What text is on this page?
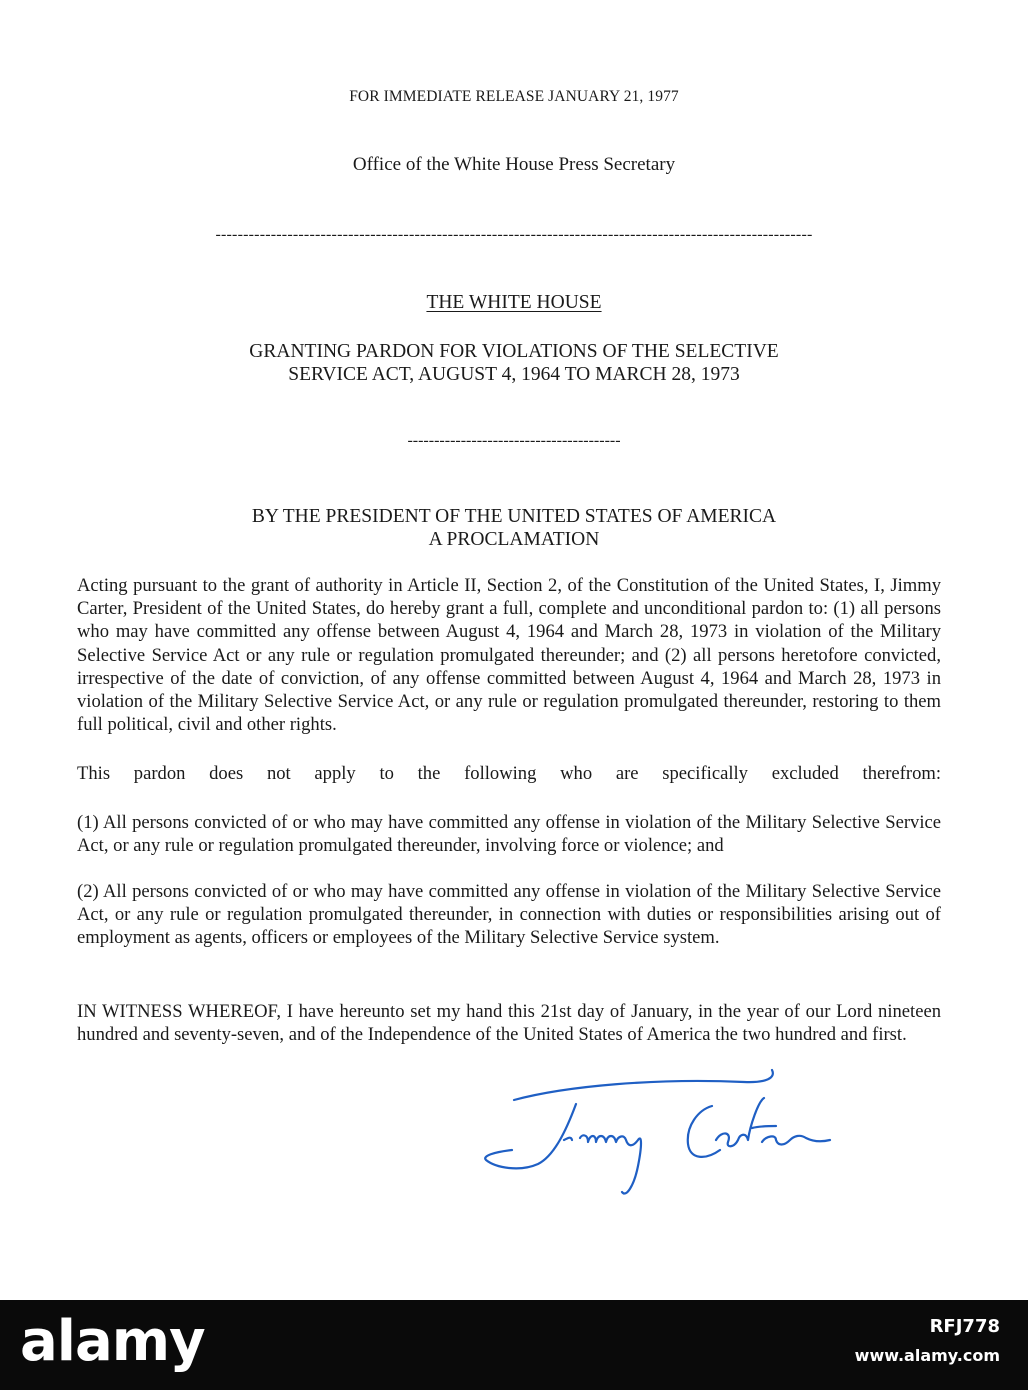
FOR IMMEDIATE RELEASE JANUARY 21, 1977

Office of the White House Press Secretary

------------------------------------------------------------------------------------------------------------

THE WHITE HOUSE

GRANTING PARDON FOR VIOLATIONS OF THE SELECTIVE
SERVICE ACT, AUGUST 4, 1964 TO MARCH 28, 1973

----------------------------------------

BY THE PRESIDENT OF THE UNITED STATES OF AMERICA
A PROCLAMATION

Acting pursuant to the grant of authority in Article II, Section 2, of the Constitution of the United States, I, Jimmy Carter, President of the United States, do hereby grant a full, complete and unconditional pardon to: (1) all persons who may have committed any offense between August 4, 1964 and March 28, 1973 in violation of the Military Selective Service Act or any rule or regulation promulgated thereunder; and (2) all persons heretofore convicted, irrespective of the date of conviction, of any offense committed between August 4, 1964 and March 28, 1973 in violation of the Military Selective Service Act, or any rule or regulation promulgated thereunder, restoring to them full political, civil and other rights.

This pardon does not apply to the following who are specifically excluded therefrom:

(1) All persons convicted of or who may have committed any offense in violation of the Military Selective Service Act, or any rule or regulation promulgated thereunder, involving force or violence; and

(2) All persons convicted of or who may have committed any offense in violation of the Military Selective Service Act, or any rule or regulation promulgated thereunder, in connection with duties or responsibilities arising out of employment as agents, officers or employees of the Military Selective Service system.

IN WITNESS WHEREOF, I have hereunto set my hand this 21st day of January, in the year of our Lord nineteen hundred and seventy-seven, and of the Independence of the United States of America the two hundred and first.

alamy	RFJ778

www.alamy.com
